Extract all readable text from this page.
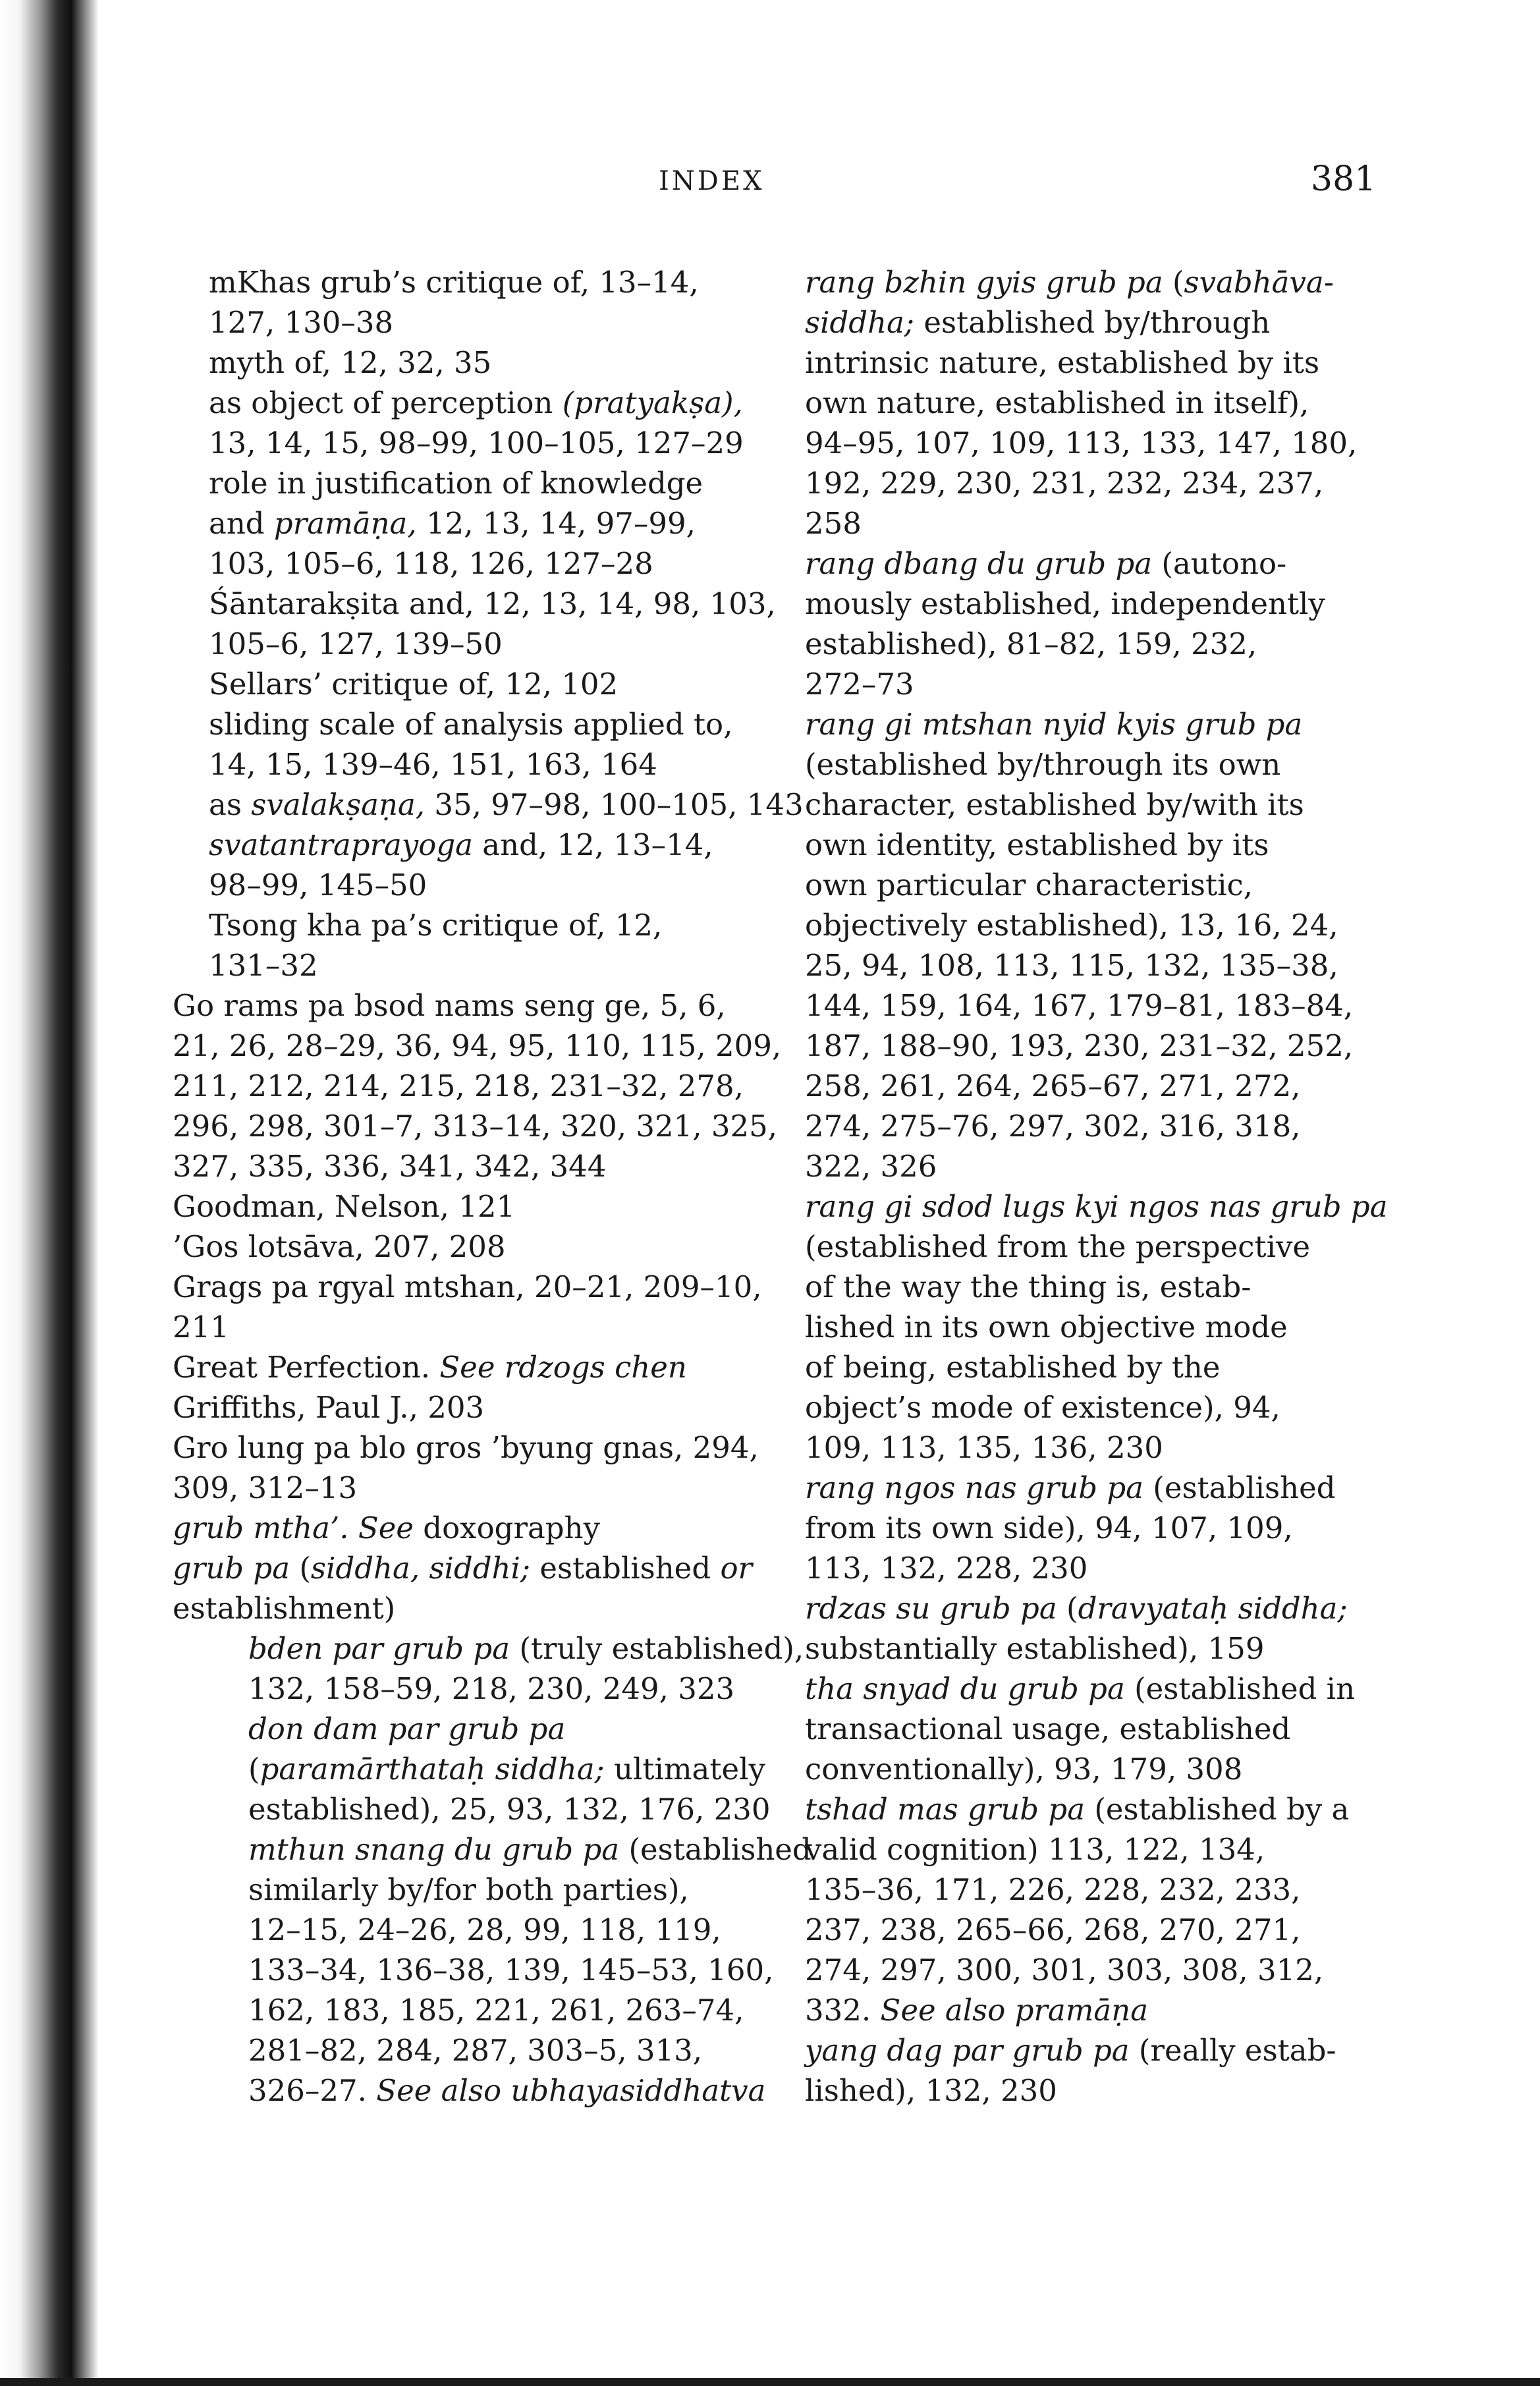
INDEX	381
mKhas grub’s critique of, 13–14,
127, 130–38
myth of, 12, 32, 35
as object of perception (pratyakṣa),
13, 14, 15, 98–99, 100–105, 127–29
role in justification of knowledge
and pramāṇa, 12, 13, 14, 97–99,
103, 105–6, 118, 126, 127–28
Śāntarakṣita and, 12, 13, 14, 98, 103,
105–6, 127, 139–50
Sellars’ critique of, 12, 102
sliding scale of analysis applied to,
14, 15, 139–46, 151, 163, 164
as svalakṣaṇa, 35, 97–98, 100–105, 143
svatantraprayoga and, 12, 13–14,
98–99, 145–50
Tsong kha pa’s critique of, 12,
131–32
Go rams pa bsod nams seng ge, 5, 6,
21, 26, 28–29, 36, 94, 95, 110, 115, 209,
211, 212, 214, 215, 218, 231–32, 278,
296, 298, 301–7, 313–14, 320, 321, 325,
327, 335, 336, 341, 342, 344
Goodman, Nelson, 121
’Gos lotsāva, 207, 208
Grags pa rgyal mtshan, 20–21, 209–10,
211
Great Perfection. See rdzogs chen
Griffiths, Paul J., 203
Gro lung pa blo gros ’byung gnas, 294,
309, 312–13
grub mtha’. See doxography
grub pa (siddha, siddhi; established or
establishment)
bden par grub pa (truly established),
132, 158–59, 218, 230, 249, 323
don dam par grub pa
(paramārthataḥ siddha; ultimately
established), 25, 93, 132, 176, 230
mthun snang du grub pa (established
similarly by/for both parties),
12–15, 24–26, 28, 99, 118, 119,
133–34, 136–38, 139, 145–53, 160,
162, 183, 185, 221, 261, 263–74,
281–82, 284, 287, 303–5, 313,
326–27. See also ubhayasiddhatva
rang bzhin gyis grub pa (svabhāva-
siddha; established by/through
intrinsic nature, established by its
own nature, established in itself),
94–95, 107, 109, 113, 133, 147, 180,
192, 229, 230, 231, 232, 234, 237,
258
rang dbang du grub pa (autono-
mously established, independently
established), 81–82, 159, 232,
272–73
rang gi mtshan nyid kyis grub pa
(established by/through its own
character, established by/with its
own identity, established by its
own particular characteristic,
objectively established), 13, 16, 24,
25, 94, 108, 113, 115, 132, 135–38,
144, 159, 164, 167, 179–81, 183–84,
187, 188–90, 193, 230, 231–32, 252,
258, 261, 264, 265–67, 271, 272,
274, 275–76, 297, 302, 316, 318,
322, 326
rang gi sdod lugs kyi ngos nas grub pa
(established from the perspective
of the way the thing is, estab-
lished in its own objective mode
of being, established by the
object’s mode of existence), 94,
109, 113, 135, 136, 230
rang ngos nas grub pa (established
from its own side), 94, 107, 109,
113, 132, 228, 230
rdzas su grub pa (dravyataḥ siddha;
substantially established), 159
tha snyad du grub pa (established in
transactional usage, established
conventionally), 93, 179, 308
tshad mas grub pa (established by a
valid cognition) 113, 122, 134,
135–36, 171, 226, 228, 232, 233,
237, 238, 265–66, 268, 270, 271,
274, 297, 300, 301, 303, 308, 312,
332. See also pramāṇa
yang dag par grub pa (really estab-
lished), 132, 230
